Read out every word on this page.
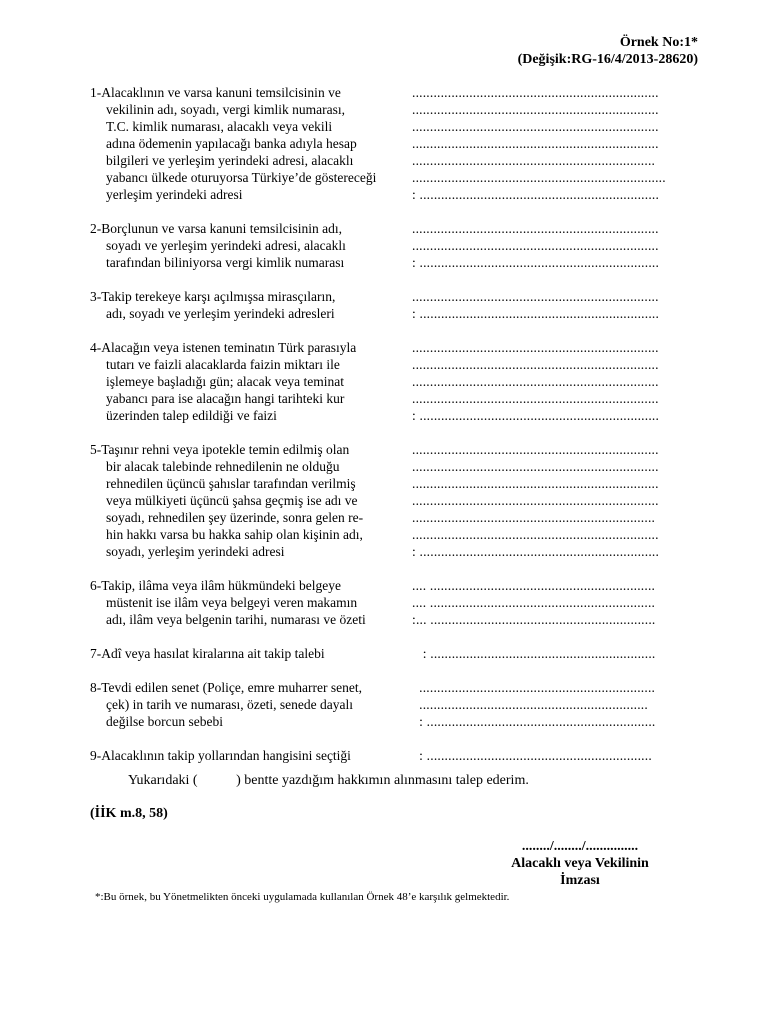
Örnek No:1*
(Değişik:RG-16/4/2013-28620)
1-Alacaklının ve varsa kanuni temsilcisinin ve	.....................................................................
vekilinin adı, soyadı, vergi kimlik numarası,	.....................................................................
T.C. kimlik numarası, alacaklı veya vekili	.....................................................................
adına ödemenin yapılacağı banka adıyla hesap	.....................................................................
bilgileri ve yerleşim yerindeki adresi, alacaklı	....................................................................
yabancı ülkede oturuyorsa Türkiye’de göstereceği	.......................................................................
yerleşim yerindeki adresi	: ...................................................................
2-Borçlunun ve varsa kanuni temsilcisinin adı,	.....................................................................
soyadı ve yerleşim yerindeki adresi, alacaklı	.....................................................................
tarafından biliniyorsa vergi kimlik numarası	: ...................................................................
3-Takip terekeye karşı açılmışsa mirasçıların,	.....................................................................
adı, soyadı ve yerleşim yerindeki adresleri	: ...................................................................
4-Alacağın veya istenen teminatın Türk parasıyla	.....................................................................
tutarı ve faizli alacaklarda faizin miktarı ile	.....................................................................
işlemeye başladığı gün; alacak veya teminat	.....................................................................
yabancı para ise alacağın hangi tarihteki kur	.....................................................................
üzerinden talep edildiği ve faizi	: ...................................................................
5-Taşınır rehni veya ipotekle temin edilmiş olan	.....................................................................
bir alacak talebinde rehnedilenin ne olduğu	.....................................................................
rehnedilen üçüncü şahıslar tarafından verilmiş	.....................................................................
veya mülkiyeti üçüncü şahsa geçmiş ise adı ve	.....................................................................
soyadı, rehnedilen şey üzerinde, sonra gelen re-	....................................................................
hin hakkı varsa bu hakka sahip olan kişinin adı,	.....................................................................
soyadı, yerleşim yerindeki adresi	: ...................................................................
6-Takip, ilâma veya ilâm hükmündeki belgeye	.... ...............................................................
müstenit ise ilâm veya belgeyi veren makamın	.... ...............................................................
adı, ilâm veya belgenin tarihi, numarası ve özeti	:... ...............................................................
7-Adî veya hasılat kiralarına ait takip talebi	: ...............................................................
8-Tevdi edilen senet (Poliçe, emre muharrer senet,	..................................................................
çek) in tarih ve numarası, özeti, senede dayalı	................................................................
değilse borcun sebebi	: ................................................................
9-Alacaklının takip yollarından hangisini seçtiği	: ...............................................................
Yukarıdaki (           ) bentte yazdığım hakkımın alınmasını talep ederim.
(İİK m.8, 58)
......../......../...............
Alacaklı veya Vekilinin
İmzası
*:Bu örnek, bu Yönetmelikten önceki uygulamada kullanılan Örnek 48’e karşılık gelmektedir.
